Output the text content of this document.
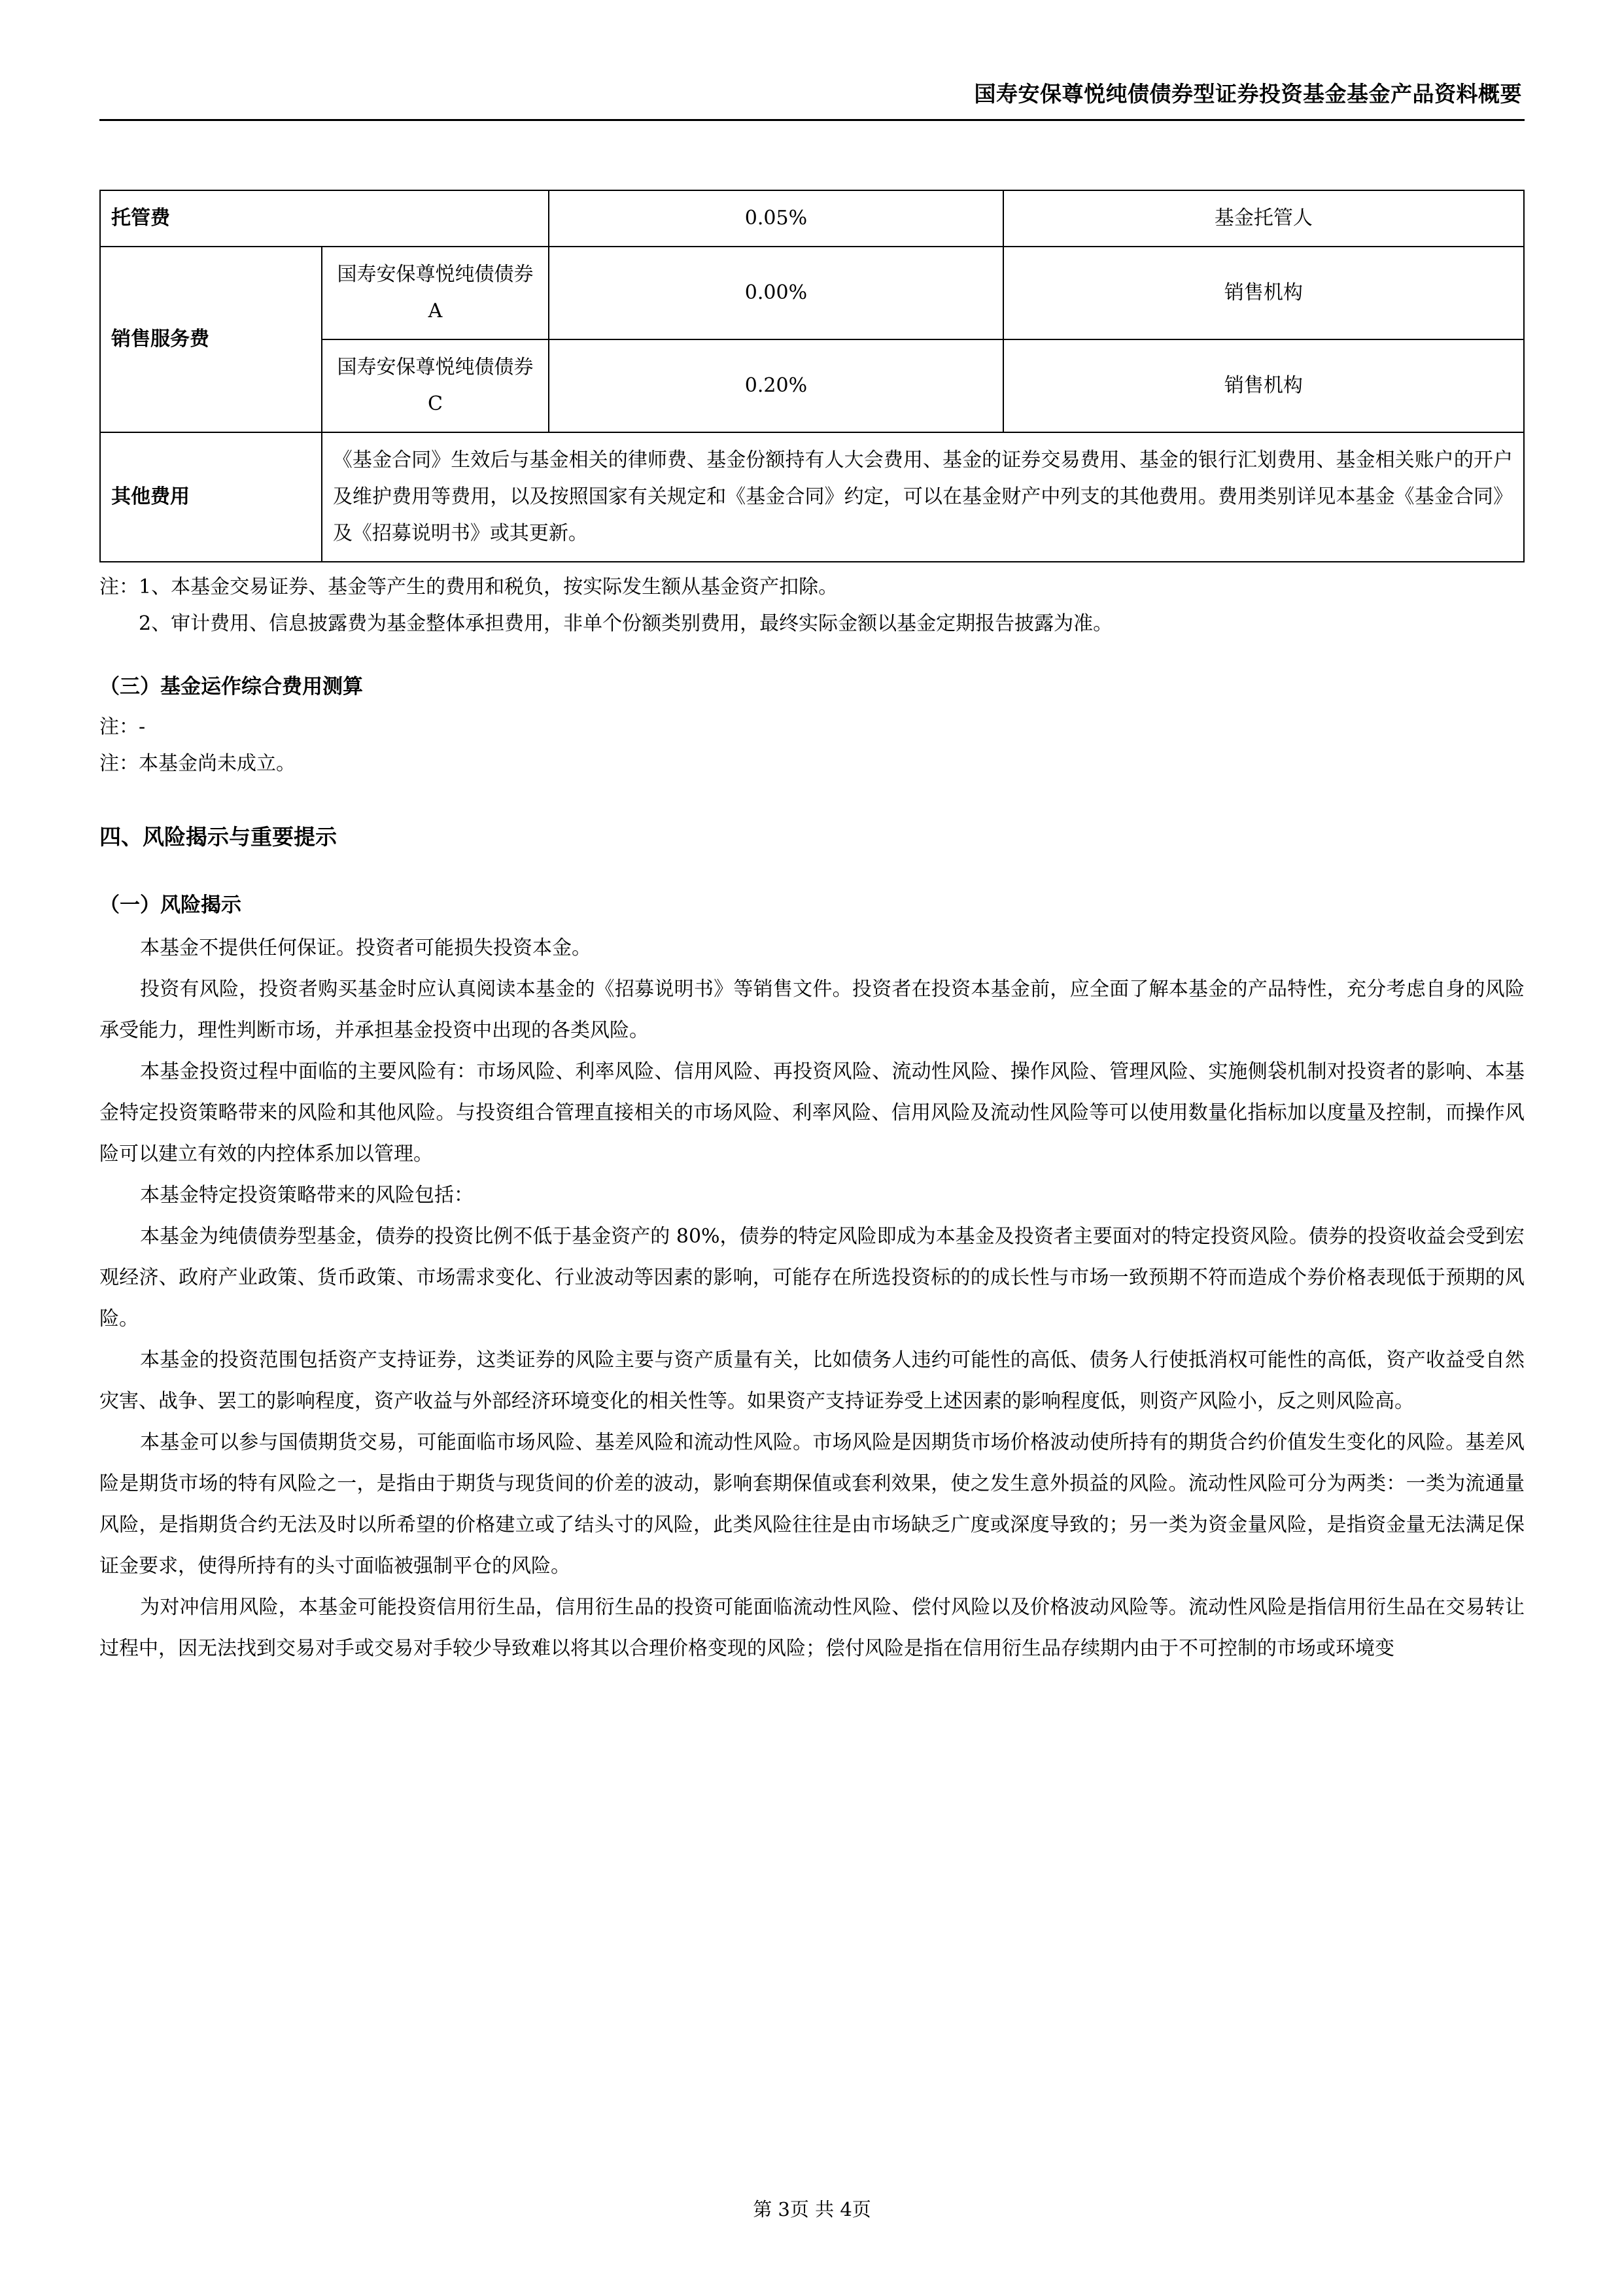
国寿安保尊悦纯债债券型证券投资基金基金产品资料概要
托管费		0.05%	基金托管人
销售服务费	国寿安保尊悦纯债债券 A	0.00%	销售机构
	国寿安保尊悦纯债债券 C	0.20%	销售机构
其他费用	《基金合同》生效后与基金相关的律师费、基金份额持有人大会费用、基金的证券交易费用、基金的银行汇划费用、基金相关账户的开户及维护费用等费用，以及按照国家有关规定和《基金合同》约定，可以在基金财产中列支的其他费用。费用类别详见本基金《基金合同》及《招募说明书》或其更新。		

注：1、本基金交易证券、基金等产生的费用和税负，按实际发生额从基金资产扣除。

2、审计费用、信息披露费为基金整体承担费用，非单个份额类别费用，最终实际金额以基金定期报告披露为准。

（三）基金运作综合费用测算

注：-

注：本基金尚未成立。

四、风险揭示与重要提示
（一）风险揭示

本基金不提供任何保证。投资者可能损失投资本金。

投资有风险，投资者购买基金时应认真阅读本基金的《招募说明书》等销售文件。投资者在投资本基金前，应全面了解本基金的产品特性，充分考虑自身的风险承受能力，理性判断市场，并承担基金投资中出现的各类风险。

本基金投资过程中面临的主要风险有：市场风险、利率风险、信用风险、再投资风险、流动性风险、操作风险、管理风险、实施侧袋机制对投资者的影响、本基金特定投资策略带来的风险和其他风险。与投资组合管理直接相关的市场风险、利率风险、信用风险及流动性风险等可以使用数量化指标加以度量及控制，而操作风险可以建立有效的内控体系加以管理。

本基金特定投资策略带来的风险包括：

本基金为纯债债券型基金，债券的投资比例不低于基金资产的 80%，债券的特定风险即成为本基金及投资者主要面对的特定投资风险。债券的投资收益会受到宏观经济、政府产业政策、货币政策、市场需求变化、行业波动等因素的影响，可能存在所选投资标的的成长性与市场一致预期不符而造成个券价格表现低于预期的风险。

本基金的投资范围包括资产支持证券，这类证券的风险主要与资产质量有关，比如债务人违约可能性的高低、债务人行使抵消权可能性的高低，资产收益受自然灾害、战争、罢工的影响程度，资产收益与外部经济环境变化的相关性等。如果资产支持证券受上述因素的影响程度低，则资产风险小，反之则风险高。

本基金可以参与国债期货交易，可能面临市场风险、基差风险和流动性风险。市场风险是因期货市场价格波动使所持有的期货合约价值发生变化的风险。基差风险是期货市场的特有风险之一，是指由于期货与现货间的价差的波动，影响套期保值或套利效果，使之发生意外损益的风险。流动性风险可分为两类：一类为流通量风险，是指期货合约无法及时以所希望的价格建立或了结头寸的风险，此类风险往往是由市场缺乏广度或深度导致的；另一类为资金量风险，是指资金量无法满足保证金要求，使得所持有的头寸面临被强制平仓的风险。

为对冲信用风险，本基金可能投资信用衍生品，信用衍生品的投资可能面临流动性风险、偿付风险以及价格波动风险等。流动性风险是指信用衍生品在交易转让过程中，因无法找到交易对手或交易对手较少导致难以将其以合理价格变现的风险；偿付风险是指在信用衍生品存续期内由于不可控制的市场或环境变

第 3页 共 4页
